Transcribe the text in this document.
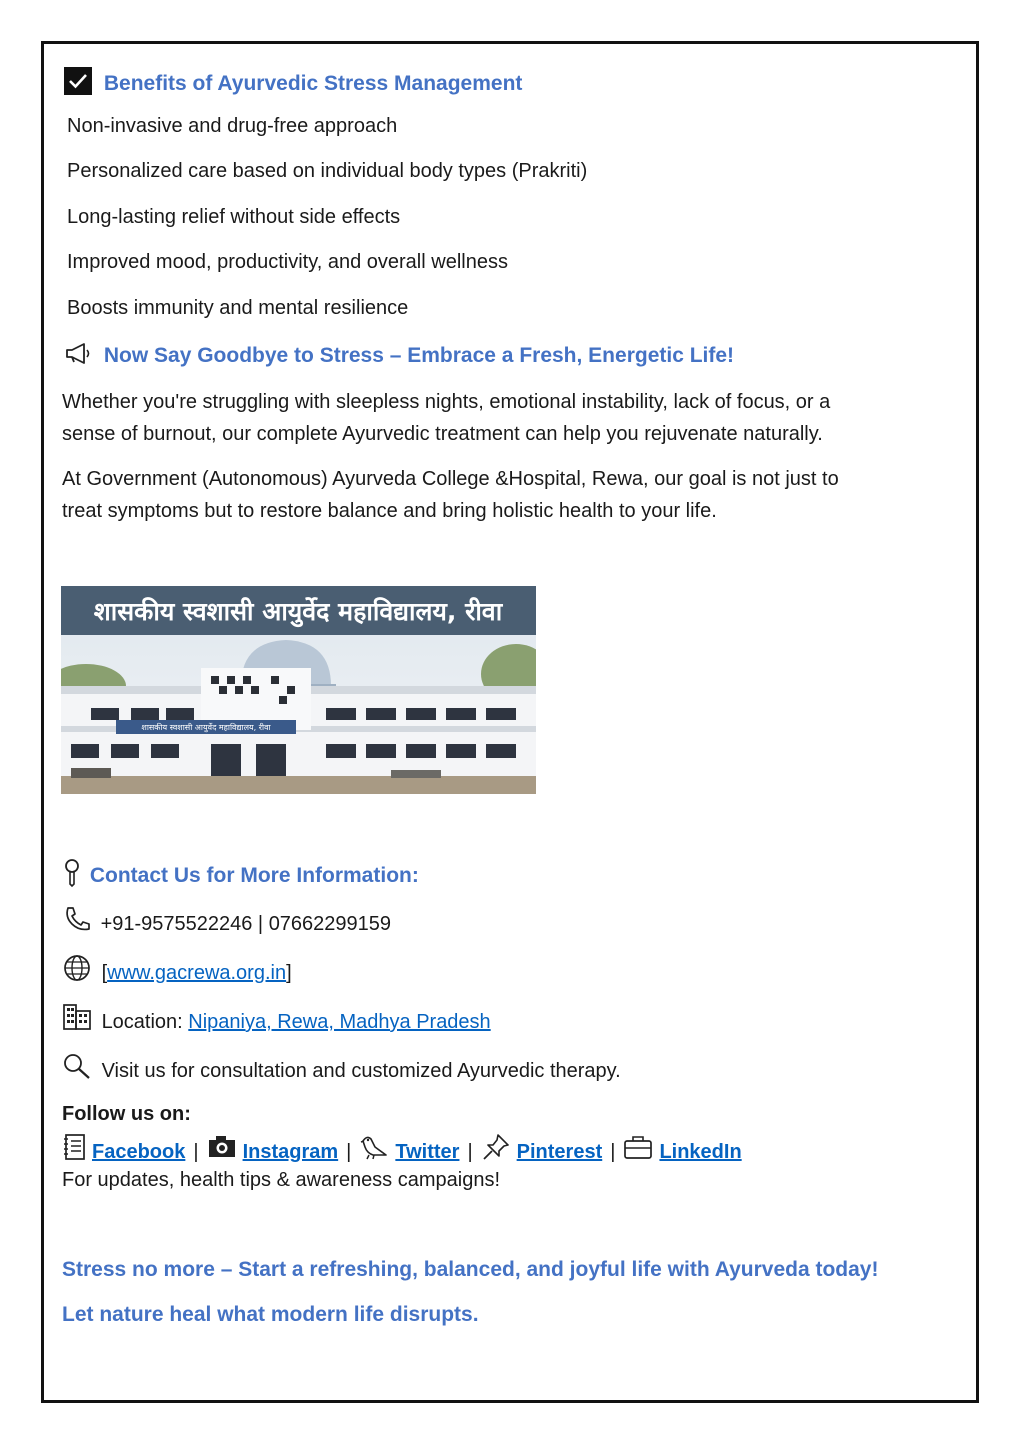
Benefits of Ayurvedic Stress Management
Non-invasive and drug-free approach
Personalized care based on individual body types (Prakriti)
Long-lasting relief without side effects
Improved mood, productivity, and overall wellness
Boosts immunity and mental resilience
Now Say Goodbye to Stress – Embrace a Fresh, Energetic Life!
Whether you're struggling with sleepless nights, emotional instability, lack of focus, or a
sense of burnout, our complete Ayurvedic treatment can help you rejuvenate naturally.
At Government (Autonomous) Ayurveda College &Hospital, Rewa, our goal is not just to
treat symptoms but to restore balance and bring holistic health to your life.
शासकीय स्वशासी आयुर्वेद महाविद्यालय, रीवा
शासकीय स्वशासी आयुर्वेद महाविद्यालय, रीवा
Contact Us for More Information:
+91-9575522246 | 07662299159
[www.gacrewa.org.in]
Location: Nipaniya, Rewa, Madhya Pradesh
Visit us for consultation and customized Ayurvedic therapy.
Follow us on:
Facebook | Instagram | Twitter | Pinterest | LinkedIn
For updates, health tips & awareness campaigns!
Stress no more – Start a refreshing, balanced, and joyful life with Ayurveda today!
Let nature heal what modern life disrupts.
